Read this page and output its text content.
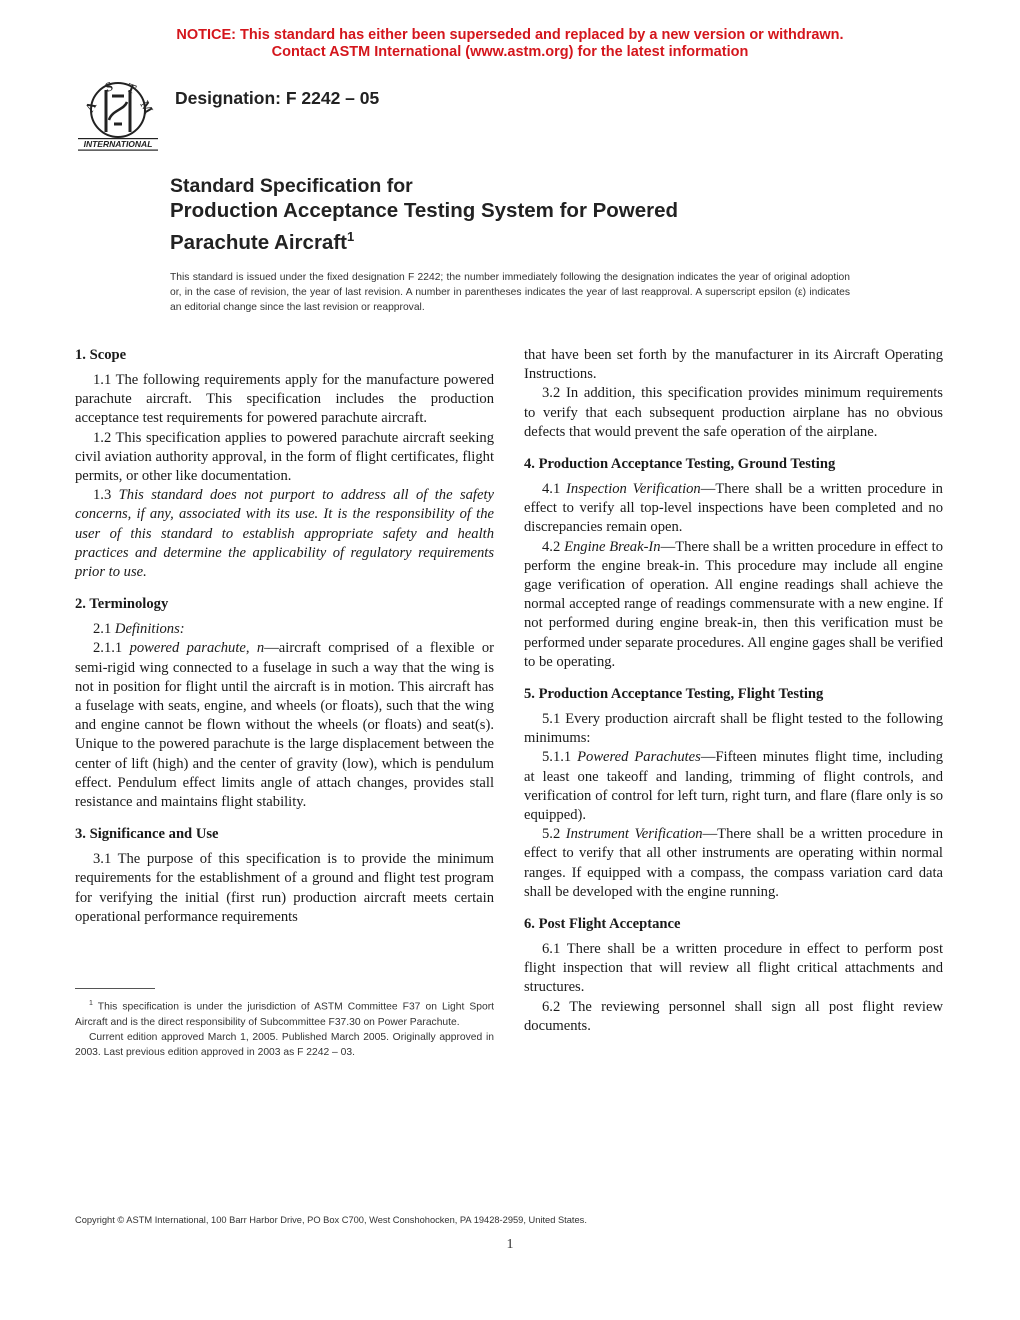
NOTICE: This standard has either been superseded and replaced by a new version or withdrawn.
Contact ASTM International (www.astm.org) for the latest information
A
S T
M
INTERNATIONAL
Designation: F 2242 – 05
Standard Specification for
Production Acceptance Testing System for Powered
Parachute Aircraft$^1$
This standard is issued under the fixed designation F 2242; the number immediately following the designation indicates the year of original adoption or, in the case of revision, the year of last revision. A number in parentheses indicates the year of last reapproval. A superscript epsilon (ε) indicates an editorial change since the last revision or reapproval.
1. Scope

1.1 The following requirements apply for the manufacture powered parachute aircraft. This specification includes the production acceptance test requirements for powered parachute aircraft.

1.2 This specification applies to powered parachute aircraft seeking civil aviation authority approval, in the form of flight certificates, flight permits, or other like documentation.

1.3 This standard does not purport to address all of the safety concerns, if any, associated with its use. It is the responsibility of the user of this standard to establish appropriate safety and health practices and determine the applicability of regulatory requirements prior to use.

2. Terminology

2.1 Definitions:

2.1.1 powered parachute, n—aircraft comprised of a flexible or semi-rigid wing connected to a fuselage in such a way that the wing is not in position for flight until the aircraft is in motion. This aircraft has a fuselage with seats, engine, and wheels (or floats), such that the wing and engine cannot be flown without the wheels (or floats) and seat(s). Unique to the powered parachute is the large displacement between the center of lift (high) and the center of gravity (low), which is pendulum effect. Pendulum effect limits angle of attach changes, provides stall resistance and maintains flight stability.

3. Significance and Use

3.1 The purpose of this specification is to provide the minimum requirements for the establishment of a ground and flight test program for verifying the initial (first run) production aircraft meets certain operational performance requirements

that have been set forth by the manufacturer in its Aircraft Operating Instructions.

3.2 In addition, this specification provides minimum requirements to verify that each subsequent production airplane has no obvious defects that would prevent the safe operation of the airplane.

4. Production Acceptance Testing, Ground Testing

4.1 Inspection Verification—There shall be a written procedure in effect to verify all top-level inspections have been completed and no discrepancies remain open.

4.2 Engine Break-In—There shall be a written procedure in effect to perform the engine break-in. This procedure may include all engine gage verification of operation. All engine readings shall achieve the normal accepted range of readings commensurate with a new engine. If not performed during engine break-in, then this verification must be performed under separate procedures. All engine gages shall be verified to be operating.

5. Production Acceptance Testing, Flight Testing

5.1 Every production aircraft shall be flight tested to the following minimums:

5.1.1 Powered Parachutes—Fifteen minutes flight time, including at least one takeoff and landing, trimming of flight controls, and verification of control for left turn, right turn, and flare (flare only is so equipped).

5.2 Instrument Verification—There shall be a written procedure in effect to verify that all other instruments are operating within normal ranges. If equipped with a compass, the compass variation card data shall be developed with the engine running.

6. Post Flight Acceptance

6.1 There shall be a written procedure in effect to perform post flight inspection that will review all flight critical attachments and structures.

6.2 The reviewing personnel shall sign all post flight review documents.

$^1$ This specification is under the jurisdiction of ASTM Committee F37 on Light Sport Aircraft and is the direct responsibility of Subcommittee F37.30 on Power Parachute.

Current edition approved March 1, 2005. Published March 2005. Originally approved in 2003. Last previous edition approved in 2003 as F 2242 – 03.

Copyright © ASTM International, 100 Barr Harbor Drive, PO Box C700, West Conshohocken, PA 19428-2959, United States.
1
